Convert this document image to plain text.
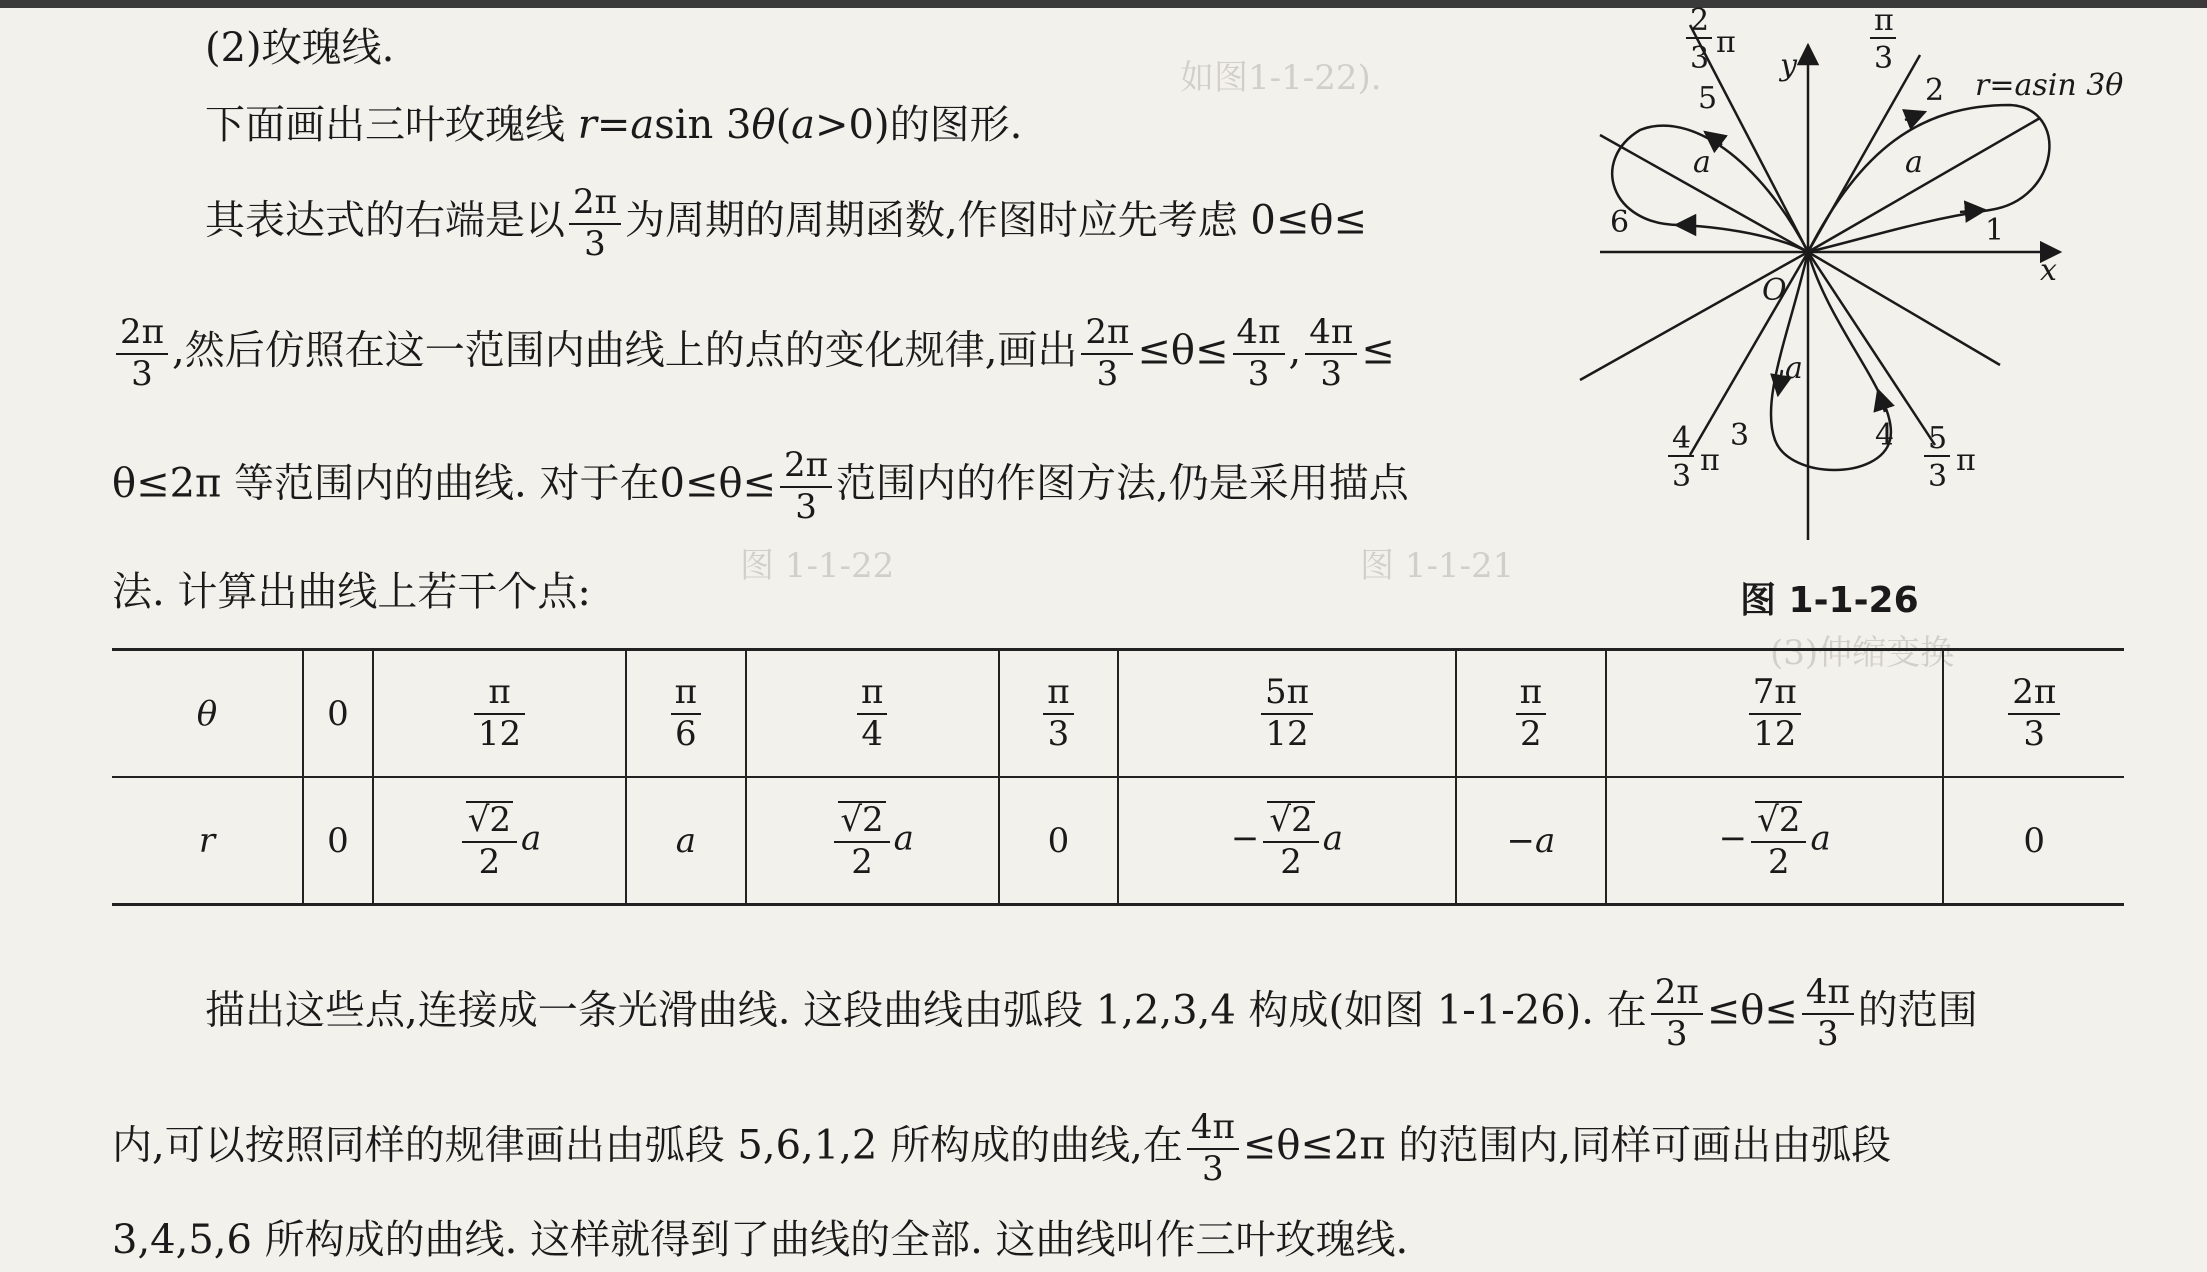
如图1-1-22).
图 1-1-22	图 1-1-21
(3)伸缩变换
(2)玫瑰线.
下面画出三叶玫瑰线 r=asin 3θ(a>0)的图形.
其表达式的右端是以 $\frac{2\pi}{3}$ 为周期的周期函数,作图时应先考虑 0≤θ≤
$\frac{2\pi}{3}$ ,然后仿照在这一范围内曲线上的点的变化规律,画出 $\frac{2\pi}{3} \le\theta\le \frac{4\pi}{3}$ , $\frac{4\pi}{3}$ ≤
θ≤2π 等范围内的曲线. 对于在$0\le\theta\le \frac{2\pi}{3}$ 范围内的作图方法,仍是采用描点
法. 计算出曲线上若干个点:
θ	0	$\frac{\pi}{12}$	$\frac{\pi}{6}$	$\frac{\pi}{4}$	$\frac{\pi}{3}$	$\frac{5\pi}{12}$	$\frac{\pi}{2}$	$\frac{7\pi}{12}$	$\frac{2\pi}{3}$

r	0	$\frac{√2}{2}$ a	a	$\frac{√2}{2}$ a	0	− $\frac{√2}{2}$ a	−a	− $\frac{√2}{2}$ a	0
描出这些点,连接成一条光滑曲线. 这段曲线由弧段 1,2,3,4 构成(如图 1-1-26). 在 $\frac{2\pi}{3} \le\theta\le \frac{4\pi}{3}$ 的范围
内,可以按照同样的规律画出由弧段 5,6,1,2 所构成的曲线,在 $\frac{4\pi}{3} \le\theta\le 2\pi$ 的范围内,同样可画出由弧段
3,4,5,6 所构成的曲线. 这样就得到了曲线的全部. 这曲线叫作三叶玫瑰线.
r=asin 3θ
x
y
O
a	a
a
1
2
3	4
5
6
2
3 π
π
3
4
3 π
5
3 π
图 1-1-26
